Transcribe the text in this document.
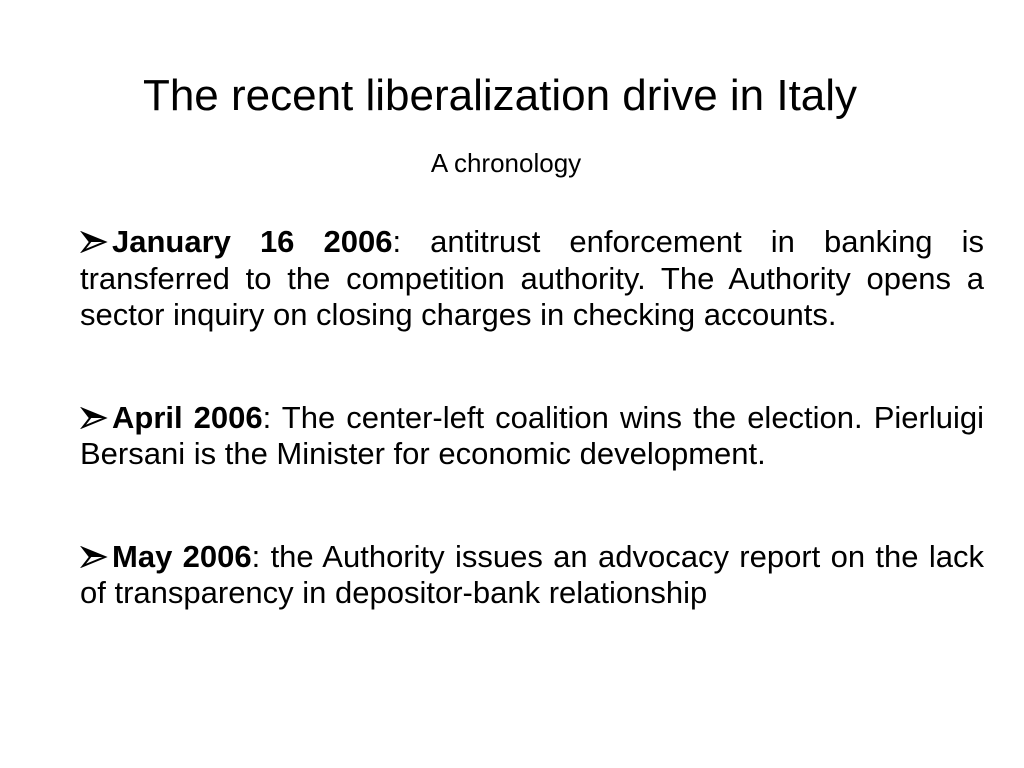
The recent liberalization drive in Italy
A chronology
January 16 2006: antitrust enforcement in banking is transferred to the competition authority. The Authority opens a sector inquiry on closing charges in checking accounts.
April 2006: The center-left coalition wins the election. Pierluigi Bersani is the Minister for economic development.
May 2006: the Authority issues an advocacy report on the lack of transparency in depositor-bank relationship
